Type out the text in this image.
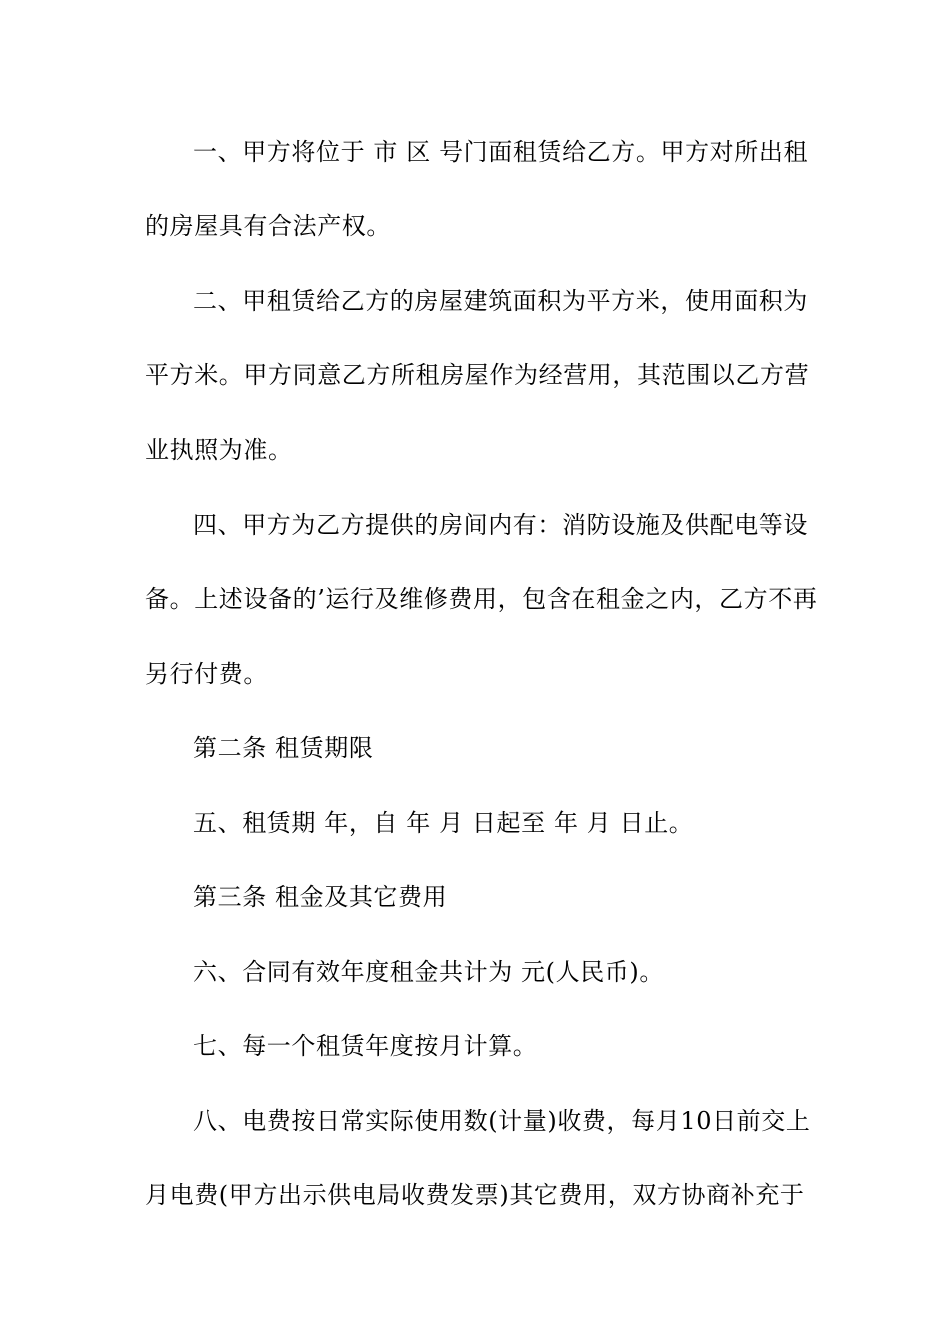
一、甲方将位于 市 区 号门面租赁给乙方。甲方对所出租
的房屋具有合法产权。
二、甲租赁给乙方的房屋建筑面积为平方米，使用面积为
平方米。甲方同意乙方所租房屋作为经营用，其范围以乙方营
业执照为准。
四、甲方为乙方提供的房间内有：消防设施及供配电等设
备。上述设备的’运行及维修费用，包含在租金之内，乙方不再
另行付费。
第二条 租赁期限
五、租赁期 年，自 年 月 日起至 年 月 日止。
第三条 租金及其它费用
六、合同有效年度租金共计为 元(人民币)。
七、每一个租赁年度按月计算。
八、电费按日常实际使用数(计量)收费，每月10日前交上
月电费(甲方出示供电局收费发票)其它费用，双方协商补充于
